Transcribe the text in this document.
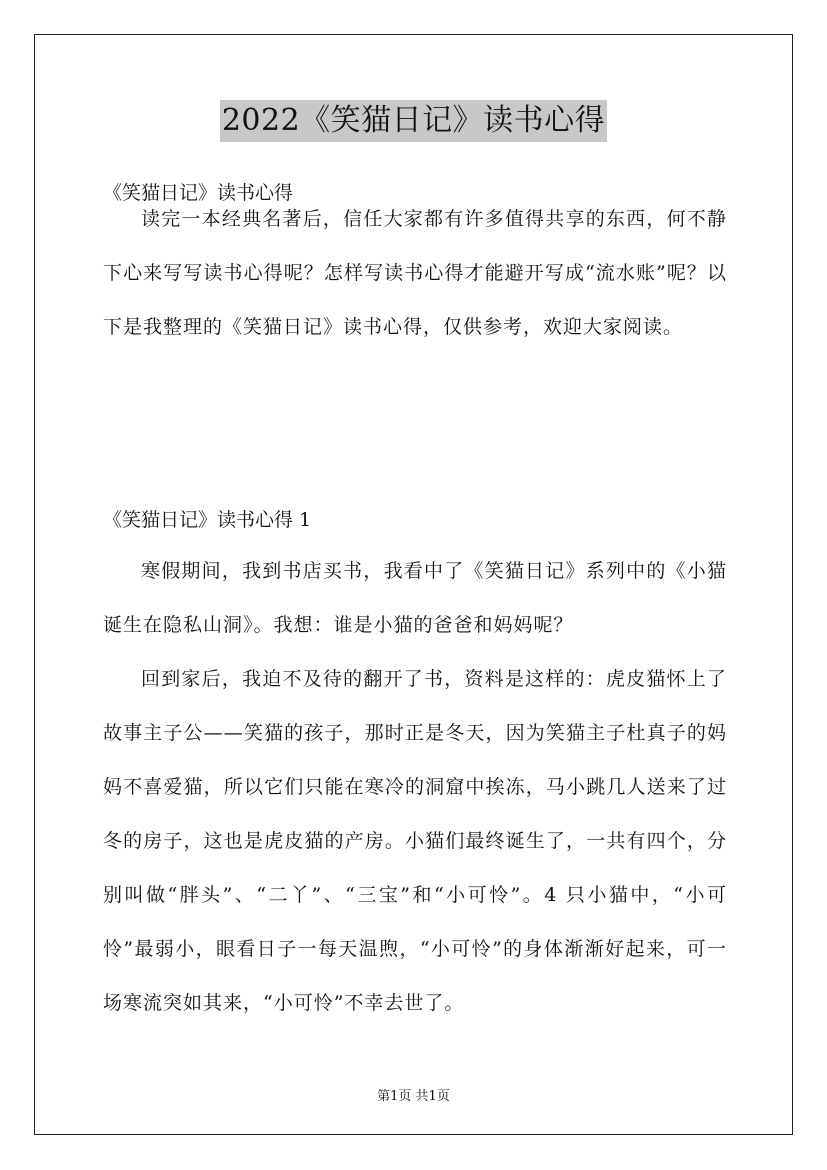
2022《笑猫日记》读书心得
《笑猫日记》读书心得
读完一本经典名著后，信任大家都有许多值得共享的东西，何不静下心来写写读书心得呢？怎样写读书心得才能避开写成“流水账”呢？以下是我整理的《笑猫日记》读书心得，仅供参考，欢迎大家阅读。
《笑猫日记》读书心得 1
寒假期间，我到书店买书，我看中了《笑猫日记》系列中的《小猫诞生在隐私山洞》。我想：谁是小猫的爸爸和妈妈呢？
回到家后，我迫不及待的翻开了书，资料是这样的：虎皮猫怀上了故事主子公——笑猫的孩子，那时正是冬天，因为笑猫主子杜真子的妈妈不喜爱猫，所以它们只能在寒冷的洞窟中挨冻，马小跳几人送来了过冬的房子，这也是虎皮猫的产房。小猫们最终诞生了，一共有四个，分别叫做“胖头”、“二丫”、“三宝”和“小可怜”。4 只小猫中，“小可怜”最弱小，眼看日子一每天温煦，“小可怜”的身体渐渐好起来，可一场寒流突如其来，“小可怜”不幸去世了。
第1页 共1页
